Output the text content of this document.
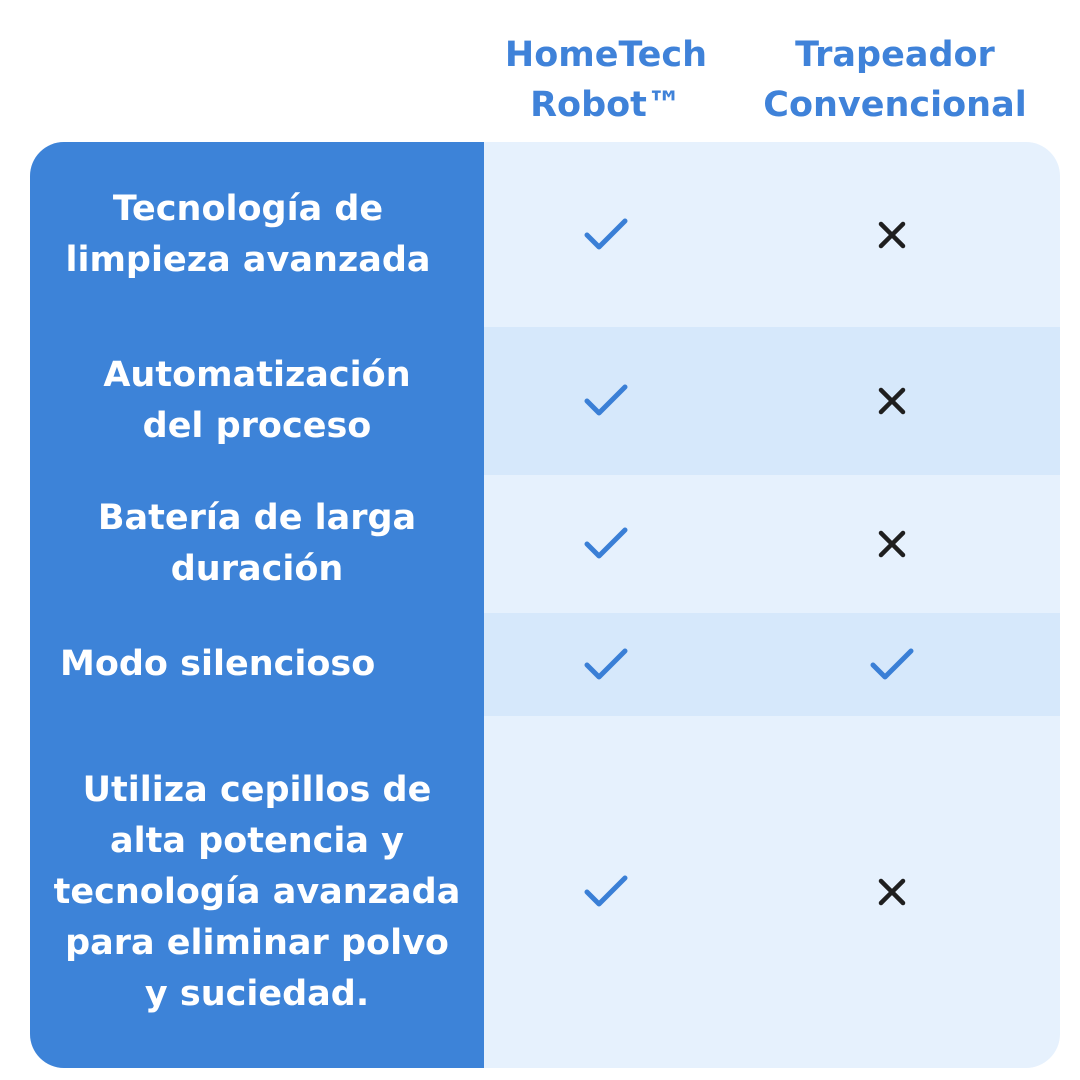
HomeTech
Robot™
Trapeador
Convencional
Tecnología de limpieza avanzada
Automatización del proceso
Batería de larga duración
Modo silencioso
Utiliza cepillos de alta potencia y tecnología avanzada para eliminar polvo y suciedad.
